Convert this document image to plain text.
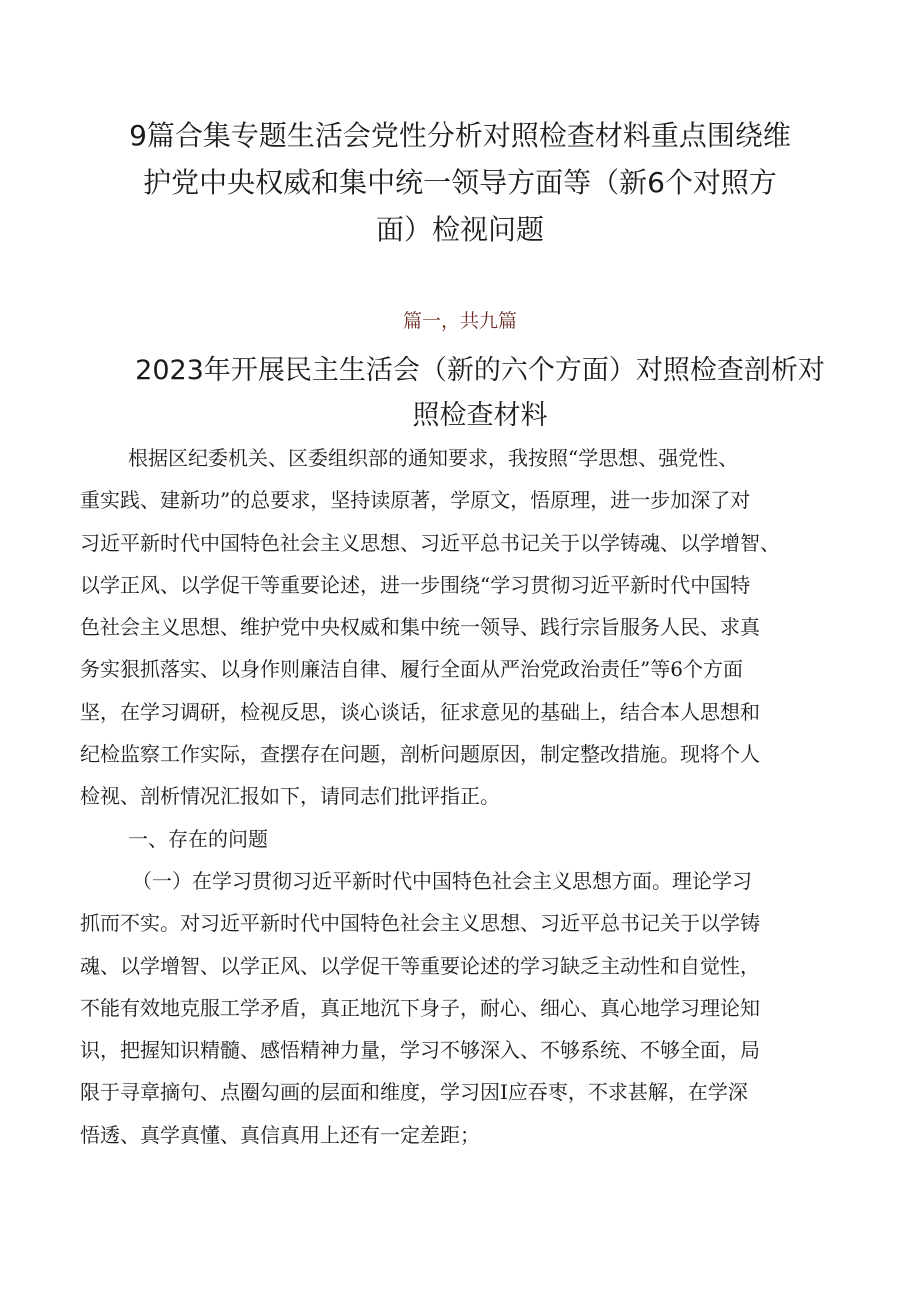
9篇合集专题生活会党性分析对照检查材料重点围绕维
护党中央权威和集中统一领导方面等（新6个对照方
面）检视问题
篇一，共九篇
2023年开展民主生活会（新的六个方面）对照检查剖析对
照检查材料
根据区纪委机关、区委组织部的通知要求，我按照“学思想、强党性、
重实践、建新功”的总要求，坚持读原著，学原文，悟原理，进一步加深了对
习近平新时代中国特色社会主义思想、习近平总书记关于以学铸魂、以学增智、
以学正风、以学促干等重要论述，进一步围绕“学习贯彻习近平新时代中国特
色社会主义思想、维护党中央权威和集中统一领导、践行宗旨服务人民、求真
务实狠抓落实、以身作则廉洁自律、履行全面从严治党政治责任”等6个方面
坚，在学习调研，检视反思，谈心谈话，征求意见的基础上，结合本人思想和
纪检监察工作实际，查摆存在问题，剖析问题原因，制定整改措施。现将个人
检视、剖析情况汇报如下，请同志们批评指正。
一、存在的问题
（一）在学习贯彻习近平新时代中国特色社会主义思想方面。理论学习
抓而不实。对习近平新时代中国特色社会主义思想、习近平总书记关于以学铸
魂、以学增智、以学正风、以学促干等重要论述的学习缺乏主动性和自觉性，
不能有效地克服工学矛盾，真正地沉下身子，耐心、细心、真心地学习理论知
识，把握知识精髓、感悟精神力量，学习不够深入、不够系统、不够全面，局
限于寻章摘句、点圈勾画的层面和维度，学习因Ⅰ应吞枣，不求甚解，在学深
悟透、真学真懂、真信真用上还有一定差距；
